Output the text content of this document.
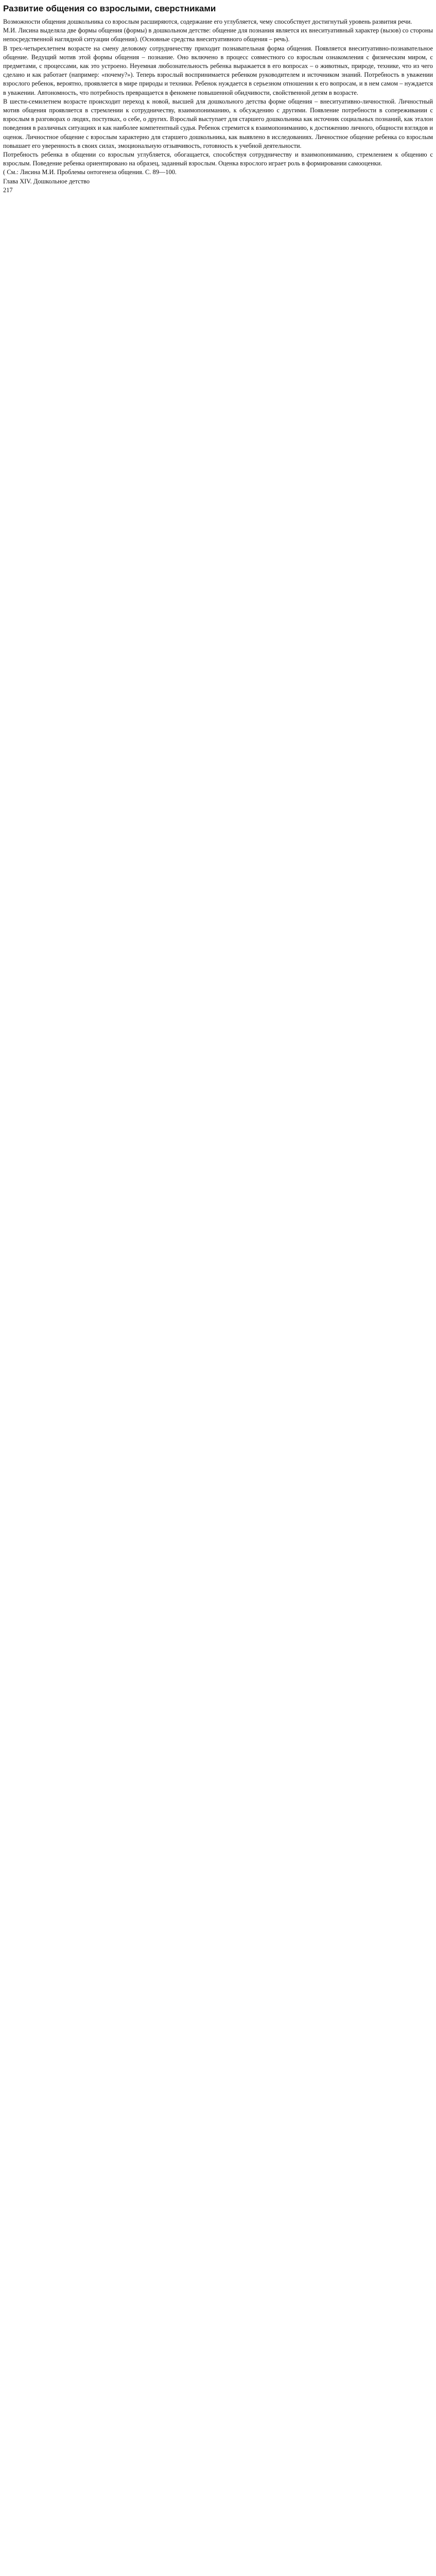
Развитие общения со взрослыми, сверстниками

Возможности общения дошкольника со взрослым расширяются, содержание его углубляется, чему способствует достигнутый уровень развития речи.

М.И. Лисина выделяла две формы общения (формы) в дошкольном детстве: общение для познания является их внеситуативный характер (вызов) со стороны непосредственной наглядной ситуации общения). (Основные средства внеситуативного общения – речь).

В трех-четырехлетнем возрасте на смену деловому сотрудничеству приходит познавательная форма общения. Появляется внеситуативно-познавательное общение. Ведущий мотив этой формы общения – познание. Оно включено в процесс совместного со взрослым ознакомления с физическим миром, с предметами, с процессами, как это устроено. Неуемная любознательность ребенка выражается в его вопросах – о животных, природе, технике, что из чего сделано и как работает (например: «почему?»). Теперь взрослый воспринимается ребенком руководителем и источником знаний. Потребность в уважении взрослого ребенок, вероятно, проявляется в мире природы и техники. Ребенок нуждается в серьезном отношении к его вопросам, и в нем самом – нуждается в уважении. Автономность, что потребность превращается в феномене повышенной обидчивости, свойственной детям в возрасте.

В шести-семилетнем возрасте происходит переход к новой, высшей для дошкольного детства форме общения – внеситуативно-личностной. Личностный мотив общения проявляется в стремлении к сотрудничеству, взаимопониманию, к обсуждению с другими. Появление потребности в сопереживании с взрослым в разговорах о людях, поступках, о себе, о других. Взрослый выступает для старшего дошкольника как источник социальных познаний, как эталон поведения в различных ситуациях и как наиболее компетентный судья. Ребенок стремится к взаимопониманию, к достижению личного, общности взглядов и оценок. Личностное общение с взрослым характерно для старшего дошкольника, как выявлено в исследованиях. Личностное общение ребенка со взрослым повышает его уверенность в своих силах, эмоциональную отзывчивость, готовность к учебной деятельности.

Потребность ребенка в общении со взрослым углубляется, обогащается, способствуя сотрудничеству и взаимопониманию, стремлением к общению с взрослым. Поведение ребенка ориентировано на образец, заданный взрослым. Оценка взрослого играет роль в формировании самооценки.

( См.: Лисина М.И. Проблемы онтогенеза общения. С. 89—100.

Глава XIV. Дошкольное детство

217
